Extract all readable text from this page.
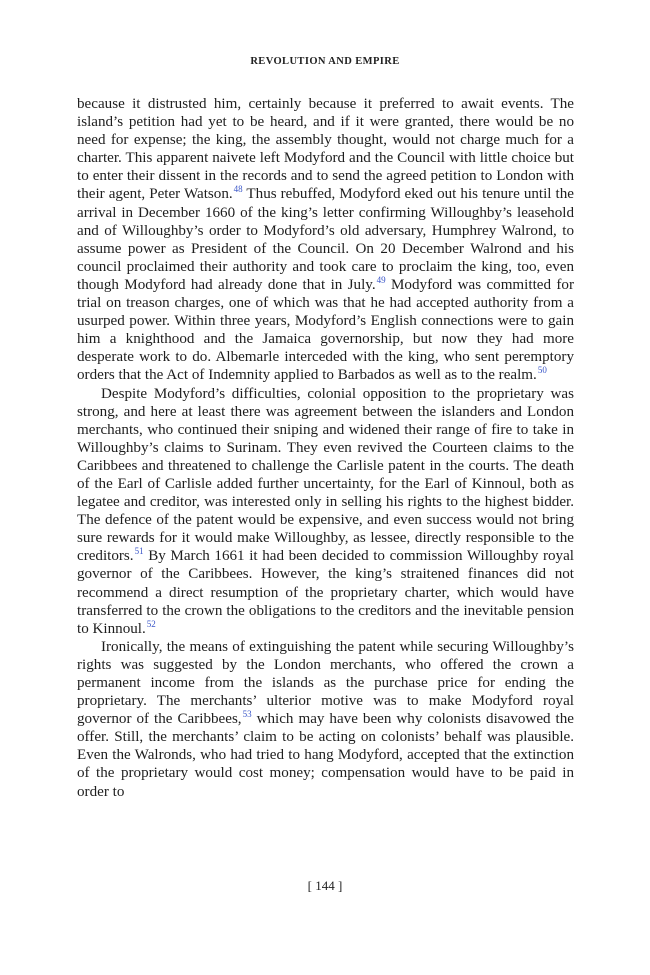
REVOLUTION AND EMPIRE

because it distrusted him, certainly because it preferred to await events. The island’s petition had yet to be heard, and if it were granted, there would be no need for expense; the king, the assembly thought, would not charge much for a charter. This apparent naivete left Modyford and the Council with little choice but to enter their dissent in the records and to send the agreed petition to London with their agent, Peter Watson.$^{48}$ Thus rebuffed, Modyford eked out his tenure until the arrival in December 1660 of the king’s letter confirming Willoughby’s leasehold and of Willoughby’s order to Modyford’s old adversary, Humphrey Walrond, to assume power as President of the Council. On 20 December Walrond and his council proclaimed their authority and took care to proclaim the king, too, even though Modyford had already done that in July.$^{49}$ Modyford was committed for trial on treason charges, one of which was that he had accepted authority from a usurped power. Within three years, Modyford’s English connections were to gain him a knighthood and the Jamaica governorship, but now they had more desperate work to do. Albemarle interceded with the king, who sent peremptory orders that the Act of Indemnity applied to Barbados as well as to the realm.$^{50}$

Despite Modyford’s difficulties, colonial opposition to the proprietary was strong, and here at least there was agreement between the islanders and London merchants, who continued their sniping and widened their range of fire to take in Willoughby’s claims to Surinam. They even revived the Courteen claims to the Caribbees and threatened to challenge the Carlisle patent in the courts. The death of the Earl of Carlisle added further uncertainty, for the Earl of Kinnoul, both as legatee and creditor, was interested only in selling his rights to the highest bidder. The defence of the patent would be expensive, and even success would not bring sure rewards for it would make Willoughby, as lessee, directly responsible to the creditors.$^{51}$ By March 1661 it had been decided to commission Willoughby royal governor of the Caribbees. However, the king’s straitened finances did not recommend a direct resumption of the proprietary charter, which would have transferred to the crown the obligations to the creditors and the inevitable pension to Kinnoul.$^{52}$

Ironically, the means of extinguishing the patent while securing Willoughby’s rights was suggested by the London merchants, who offered the crown a permanent income from the islands as the purchase price for ending the proprietary. The merchants’ ulterior motive was to make Modyford royal governor of the Caribbees,$^{53}$ which may have been why colonists disavowed the offer. Still, the merchants’ claim to be acting on colonists’ behalf was plausible. Even the Walronds, who had tried to hang Modyford, accepted that the extinction of the proprietary would cost money; compensation would have to be paid in order to

[ 144 ]
